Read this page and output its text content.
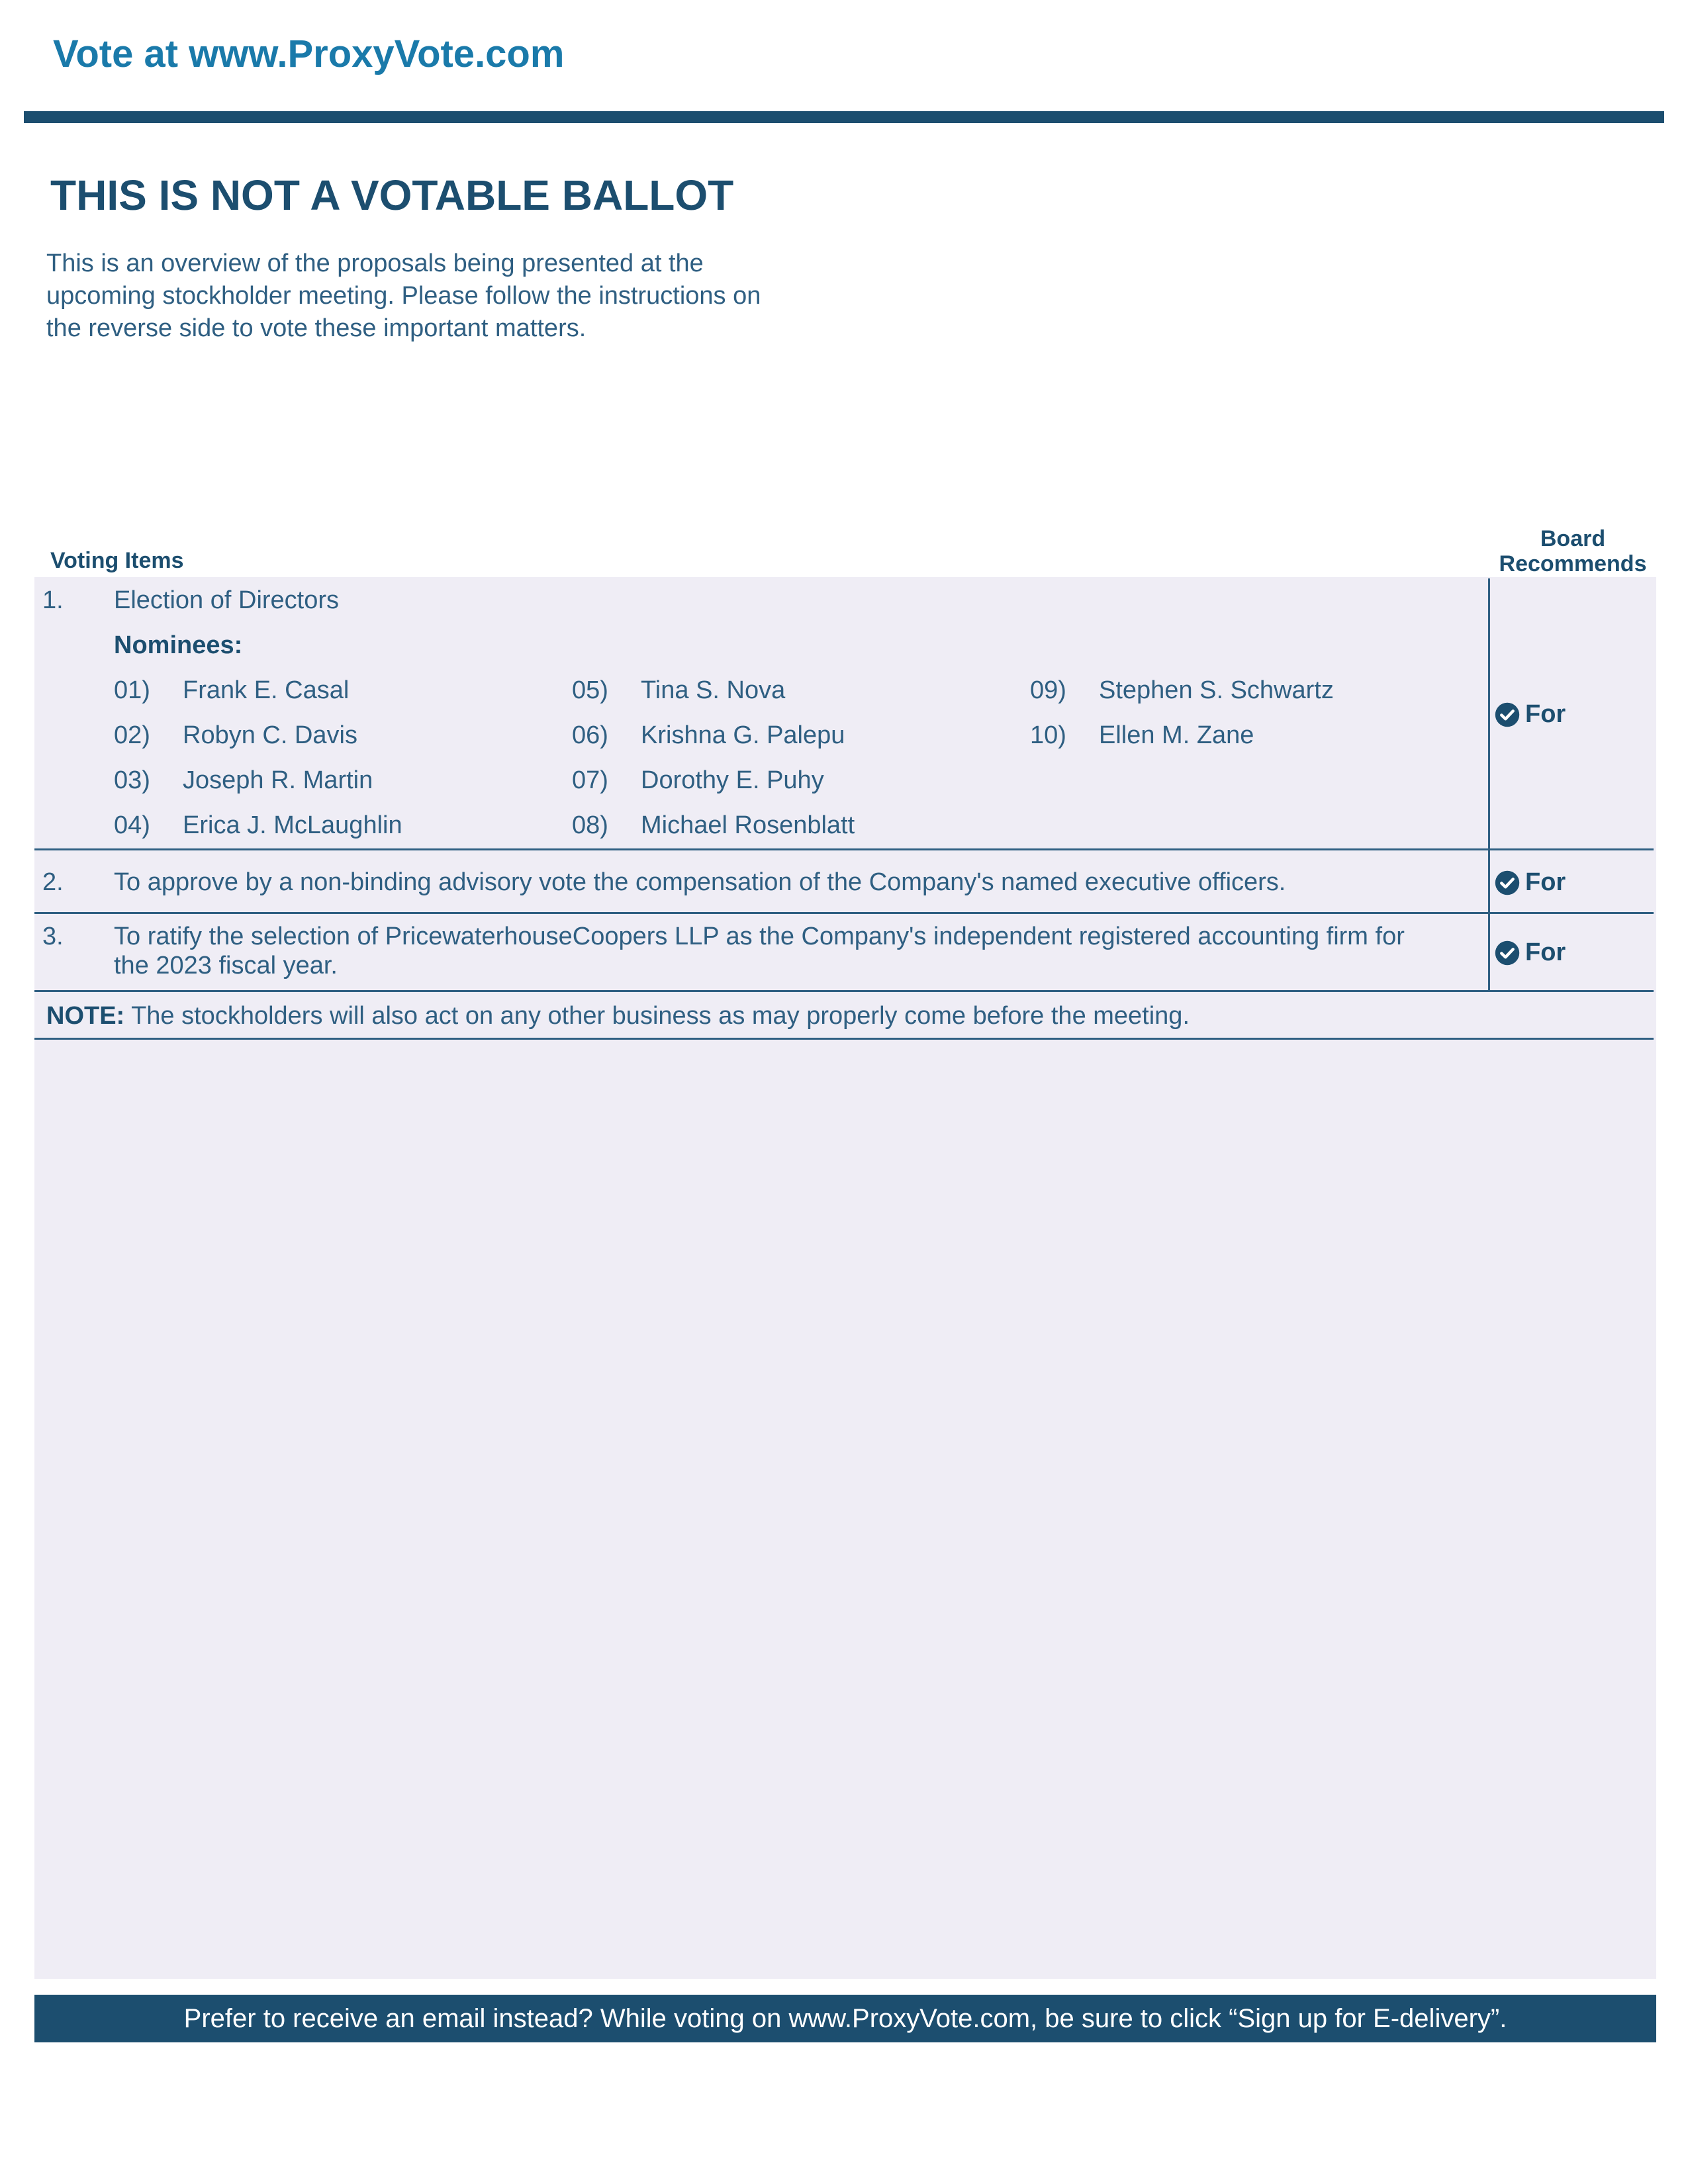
Vote at www.ProxyVote.com
THIS IS NOT A VOTABLE BALLOT
This is an overview of the proposals being presented at the
upcoming stockholder meeting. Please follow the instructions on
the reverse side to vote these important matters.
Voting Items
Board
Recommends
1. Election of Directors
Nominees:
01) Frank E. Casal
02) Robyn C. Davis
03) Joseph R. Martin
04) Erica J. McLaughlin
05) Tina S. Nova
06) Krishna G. Palepu
07) Dorothy E. Puhy
08) Michael Rosenblatt
09) Stephen S. Schwartz
10) Ellen M. Zane
For
2. To approve by a non-binding advisory vote the compensation of the Company's named executive officers.	For
3. To ratify the selection of PricewaterhouseCoopers LLP as the Company's independent registered accounting firm for
the 2023 fiscal year.	For
NOTE: The stockholders will also act on any other business as may properly come before the meeting.
Prefer to receive an email instead? While voting on www.ProxyVote.com, be sure to click “Sign up for E-delivery”.
